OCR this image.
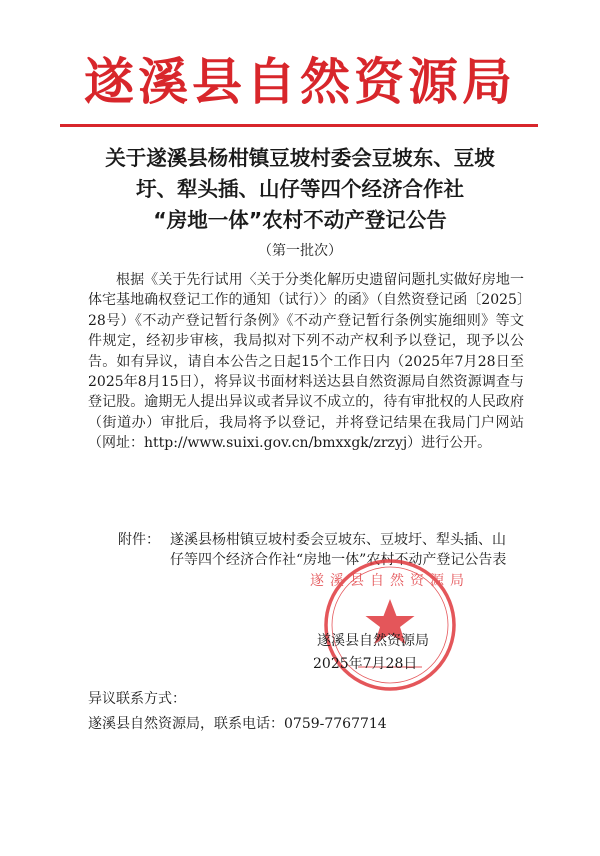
遂溪县自然资源局
关于遂溪县杨柑镇豆坡村委会豆坡东、豆坡
圩、犁头插、山仔等四个经济合作社
“房地一体”农村不动产登记公告
（第一批次）
根据《关于先行试用〈关于分类化解历史遗留问题扎实做好房地一体宅基地确权登记工作的通知（试行）〉的函》（自然资登记函〔2025〕28号）《不动产登记暂行条例》《不动产登记暂行条例实施细则》等文件规定，经初步审核，我局拟对下列不动产权利予以登记，现予以公告。如有异议，请自本公告之日起15个工作日内（2025年7月28日至2025年8月15日），将异议书面材料送达县自然资源局自然资源调查与登记股。逾期无人提出异议或者异议不成立的，待有审批权的人民政府（街道办）审批后，我局将予以登记，并将登记结果在我局门户网站（网址：http://www.suixi.gov.cn/bmxxgk/zrzyj）进行公开。
附件： 遂溪县杨柑镇豆坡村委会豆坡东、豆坡圩、犁头插、山仔等四个经济合作社“房地一体”农村不动产登记公告表
遂溪县自然资源局
遂溪县自然资源局
2025年7月28日
异议联系方式：
遂溪县自然资源局，联系电话：0759-7767714
